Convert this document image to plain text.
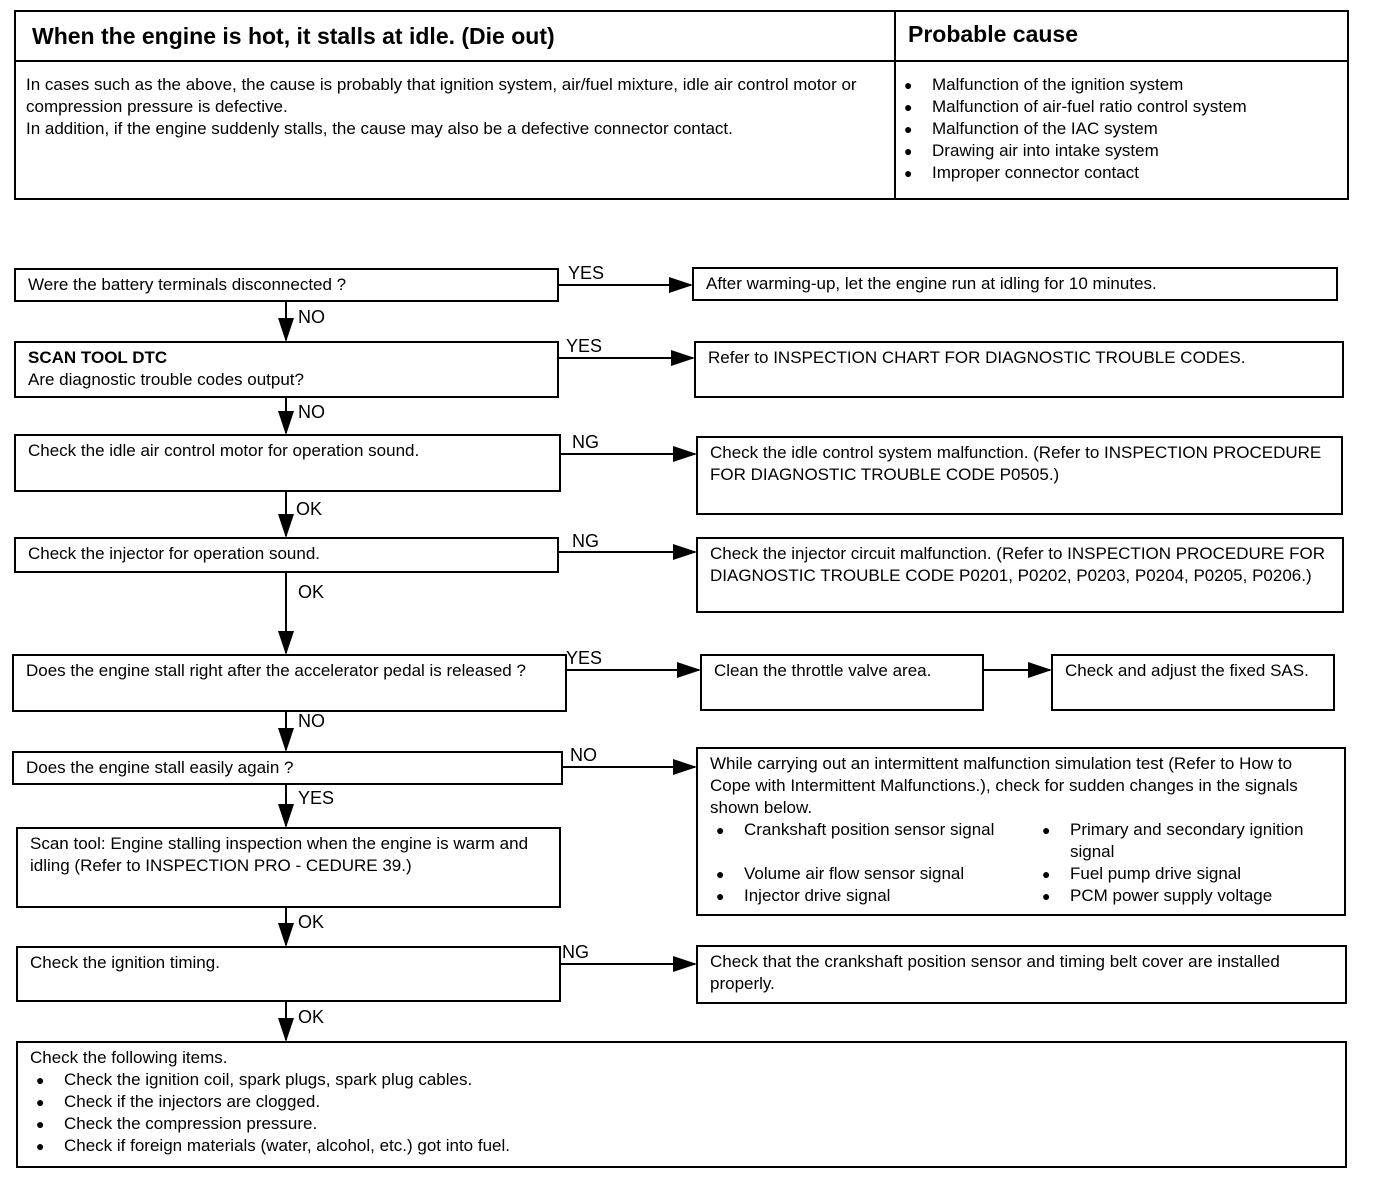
When the engine is hot, it stalls at idle. (Die out)	Probable cause
In cases such as the above, the cause is probably that ignition system, air/fuel mixture, idle air control motor or compression pressure is defective.
In addition, if the engine suddenly stalls, the cause may also be a defective connector contact.
● Malfunction of the ignition system
● Malfunction of air-fuel ratio control system
● Malfunction of the IAC system
● Drawing air into intake system
● Improper connector contact
Were the battery terminals disconnected ?
YES
NO
After warming-up, let the engine run at idling for 10 minutes.
SCAN TOOL DTC
Are diagnostic trouble codes output?
YES
NO
Refer to INSPECTION CHART FOR DIAGNOSTIC TROUBLE CODES.
Check the idle air control motor for operation sound.	NG
OK
Check the idle control system malfunction. (Refer to INSPECTION PROCEDURE FOR DIAGNOSTIC TROUBLE CODE P0505.)
Check the injector for operation sound.
NG
OK
Check the injector circuit malfunction. (Refer to INSPECTION PROCEDURE FOR DIAGNOSTIC TROUBLE CODE P0201, P0202, P0203, P0204, P0205, P0206.)
Does the engine stall right after the accelerator pedal is released ?
YES
NO
Clean the throttle valve area.	Check and adjust the fixed SAS.
Does the engine stall easily again ?
NO
YES
While carrying out an intermittent malfunction simulation test (Refer to How to Cope with Intermittent Malfunctions.), check for sudden changes in the signals shown below.
● Crankshaft position sensor signal	● Primary and secondary ignition signal
● Volume air flow sensor signal	● Fuel pump drive signal
● Injector drive signal	● PCM power supply voltage
Scan tool: Engine stalling inspection when the engine is warm and idling (Refer to INSPECTION PRO - CEDURE 39.)
OK
Check the ignition timing.
NG
OK
Check that the crankshaft position sensor and timing belt cover are installed properly.
Check the following items.
● Check the ignition coil, spark plugs, spark plug cables.
● Check if the injectors are clogged.
● Check the compression pressure.
● Check if foreign materials (water, alcohol, etc.) got into fuel.
